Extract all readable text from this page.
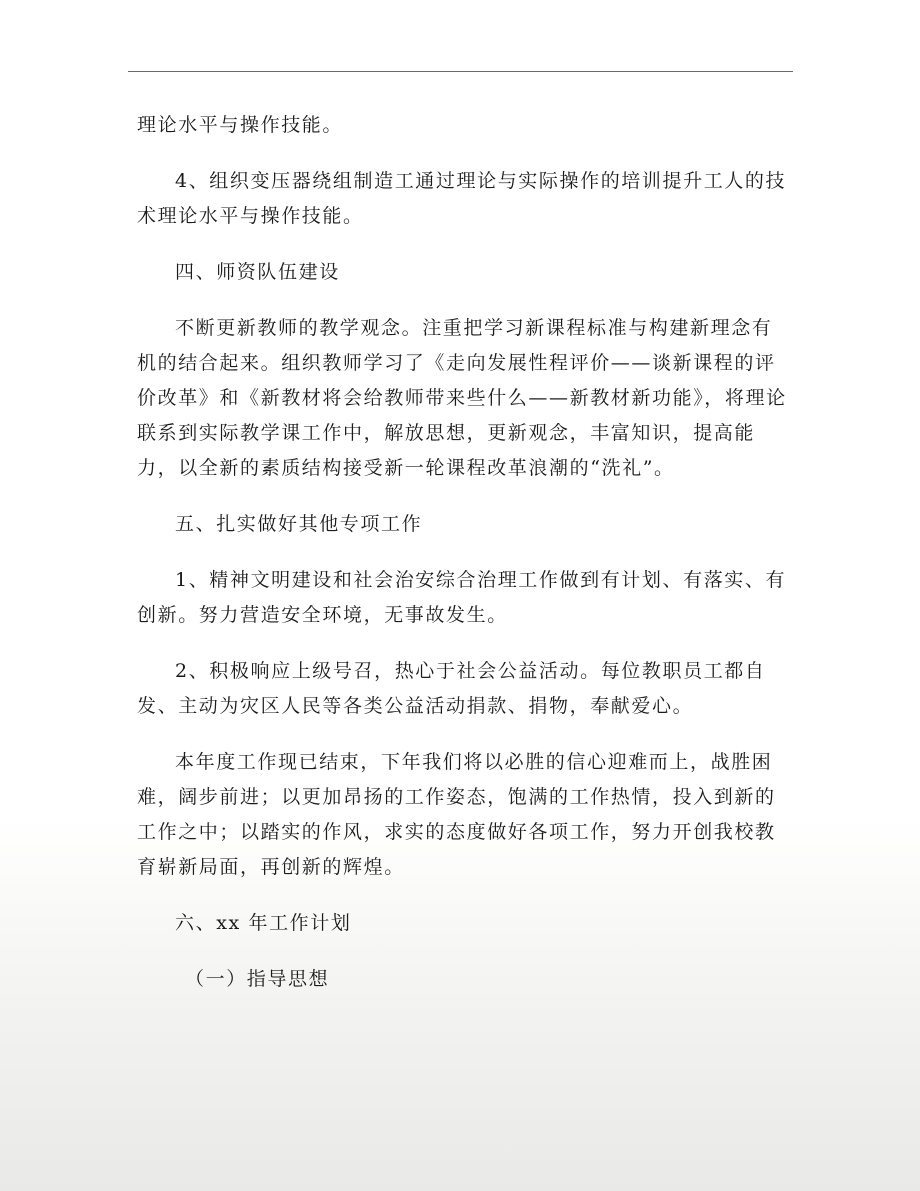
理论水平与操作技能。

4、组织变压器绕组制造工通过理论与实际操作的培训提升工人的技术理论水平与操作技能。

四、师资队伍建设

不断更新教师的教学观念。注重把学习新课程标准与构建新理念有机的结合起来。组织教师学习了《走向发展性程评价——谈新课程的评价改革》和《新教材将会给教师带来些什么——新教材新功能》，将理论联系到实际教学课工作中，解放思想，更新观念，丰富知识，提高能力，以全新的素质结构接受新一轮课程改革浪潮的“洗礼”。

五、扎实做好其他专项工作

1、精神文明建设和社会治安综合治理工作做到有计划、有落实、有创新。努力营造安全环境，无事故发生。

2、积极响应上级号召，热心于社会公益活动。每位教职员工都自发、主动为灾区人民等各类公益活动捐款、捐物，奉献爱心。

本年度工作现已结束，下年我们将以必胜的信心迎难而上，战胜困难，阔步前进；以更加昂扬的工作姿态，饱满的工作热情，投入到新的工作之中；以踏实的作风，求实的态度做好各项工作，努力开创我校教育崭新局面，再创新的辉煌。

六、xx 年工作计划

（一）指导思想
